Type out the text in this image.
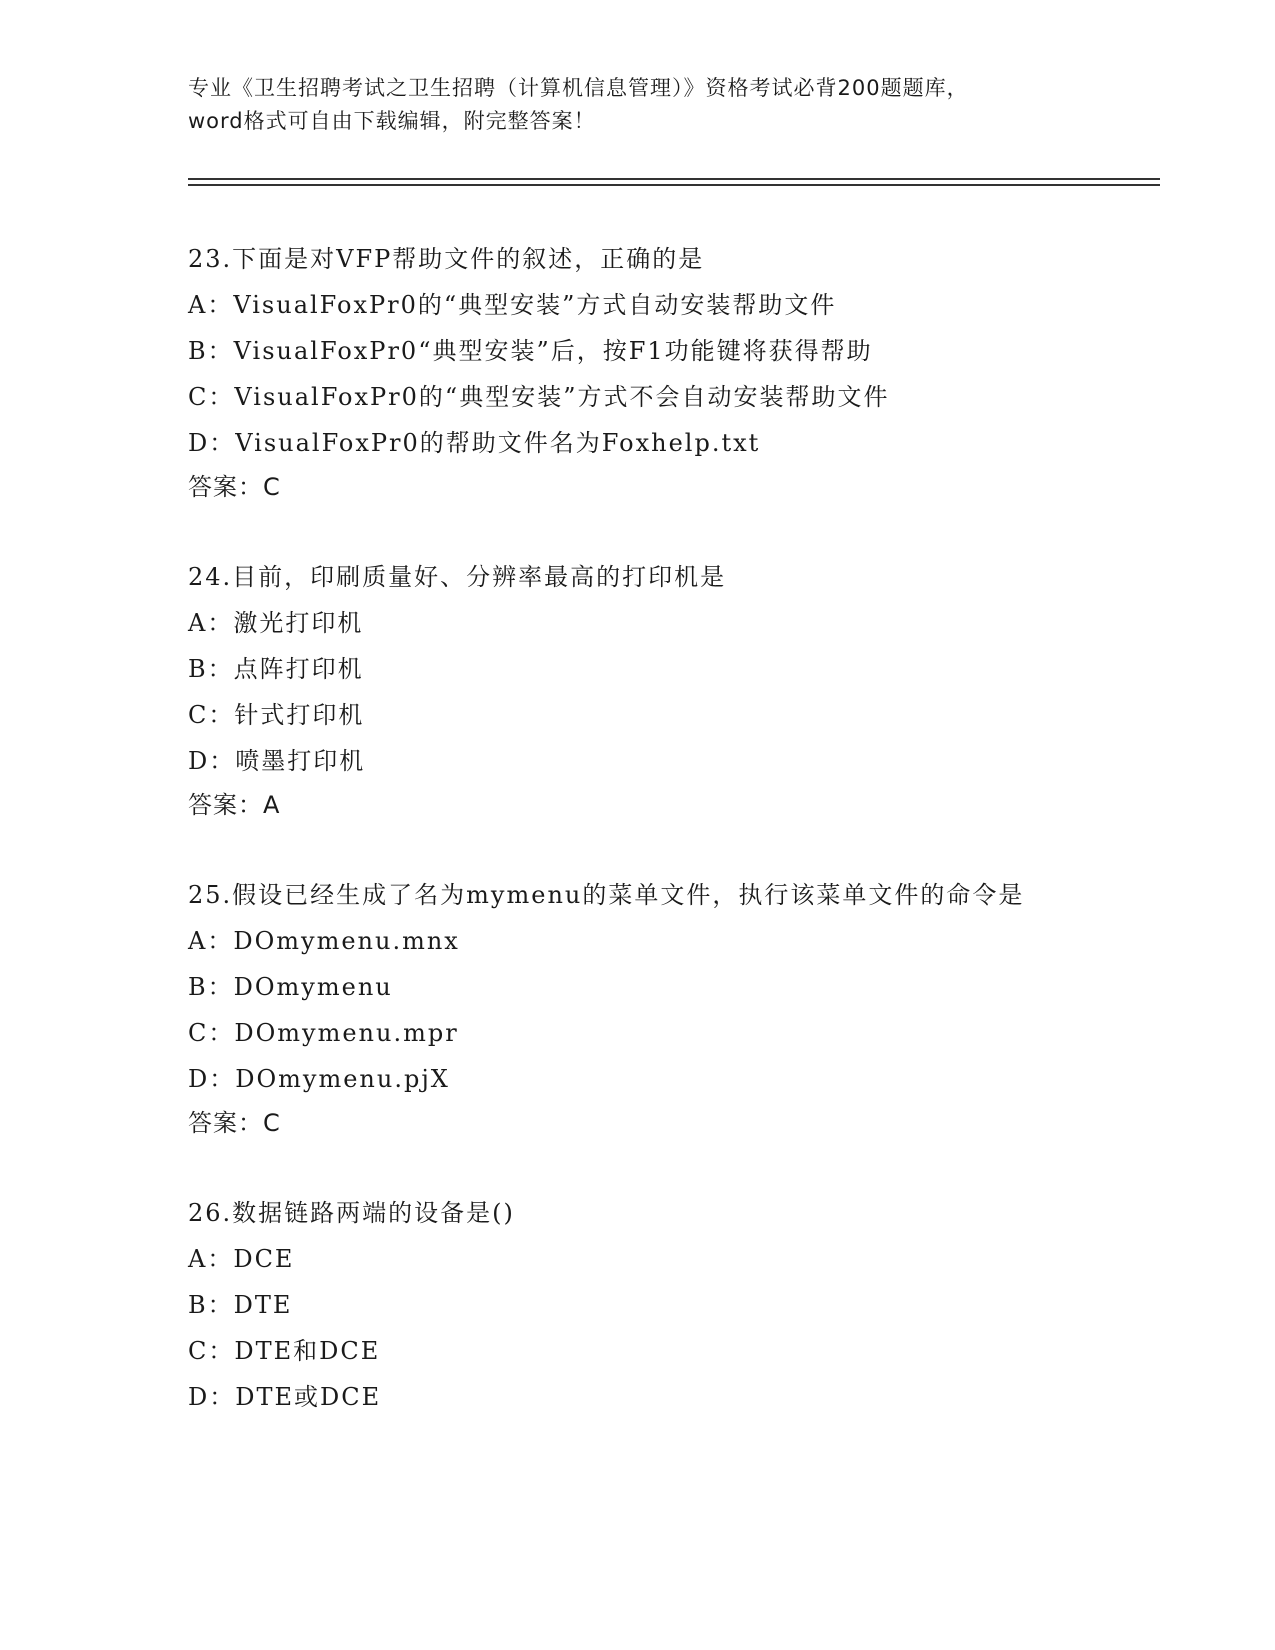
专业《卫生招聘考试之卫生招聘（计算机信息管理）》资格考试必背200题题库，
word格式可自由下载编辑，附完整答案！
23.下面是对VFP帮助文件的叙述，正确的是
A：VisualFoxPr0的“典型安装”方式自动安装帮助文件
B：VisualFoxPr0“典型安装”后，按F1功能键将获得帮助
C：VisualFoxPr0的“典型安装”方式不会自动安装帮助文件
D：VisualFoxPr0的帮助文件名为Foxhelp.txt
答案：C
24.目前，印刷质量好、分辨率最高的打印机是
A：激光打印机
B：点阵打印机
C：针式打印机
D：喷墨打印机
答案：A
25.假设已经生成了名为mymenu的菜单文件，执行该菜单文件的命令是
A：DOmymenu.mnx
B：DOmymenu
C：DOmymenu.mpr
D：DOmymenu.pjX
答案：C
26.数据链路两端的设备是()
A：DCE
B：DTE
C：DTE和DCE
D：DTE或DCE
